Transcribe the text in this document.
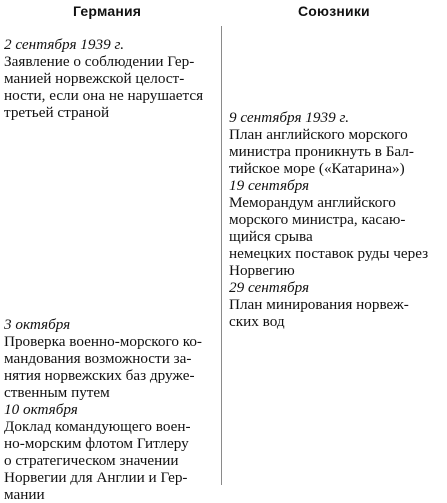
Германия	Союзники
2 сентября 1939 г.
Заявление о соблюдении Гер-
манией норвежской целост-
ности, если она не нарушается
третьей страной
3 октября
Проверка военно-морского ко-
мандования возможности за-
нятия норвежских баз друже-
ственным путем
10 октября
Доклад командующего воен-
но-морским флотом Гитлеру
о стратегическом значении
Норвегии для Англии и Гер-
мании
9 сентября 1939 г.
План английского морского
министра проникнуть в Бал-
тийское море («Катарина»)
19 сентября
Меморандум английского
морского министра, касаю-
щийся срыва
немецких поставок руды через
Норвегию
29 сентября
План минирования норвеж-
ских вод
